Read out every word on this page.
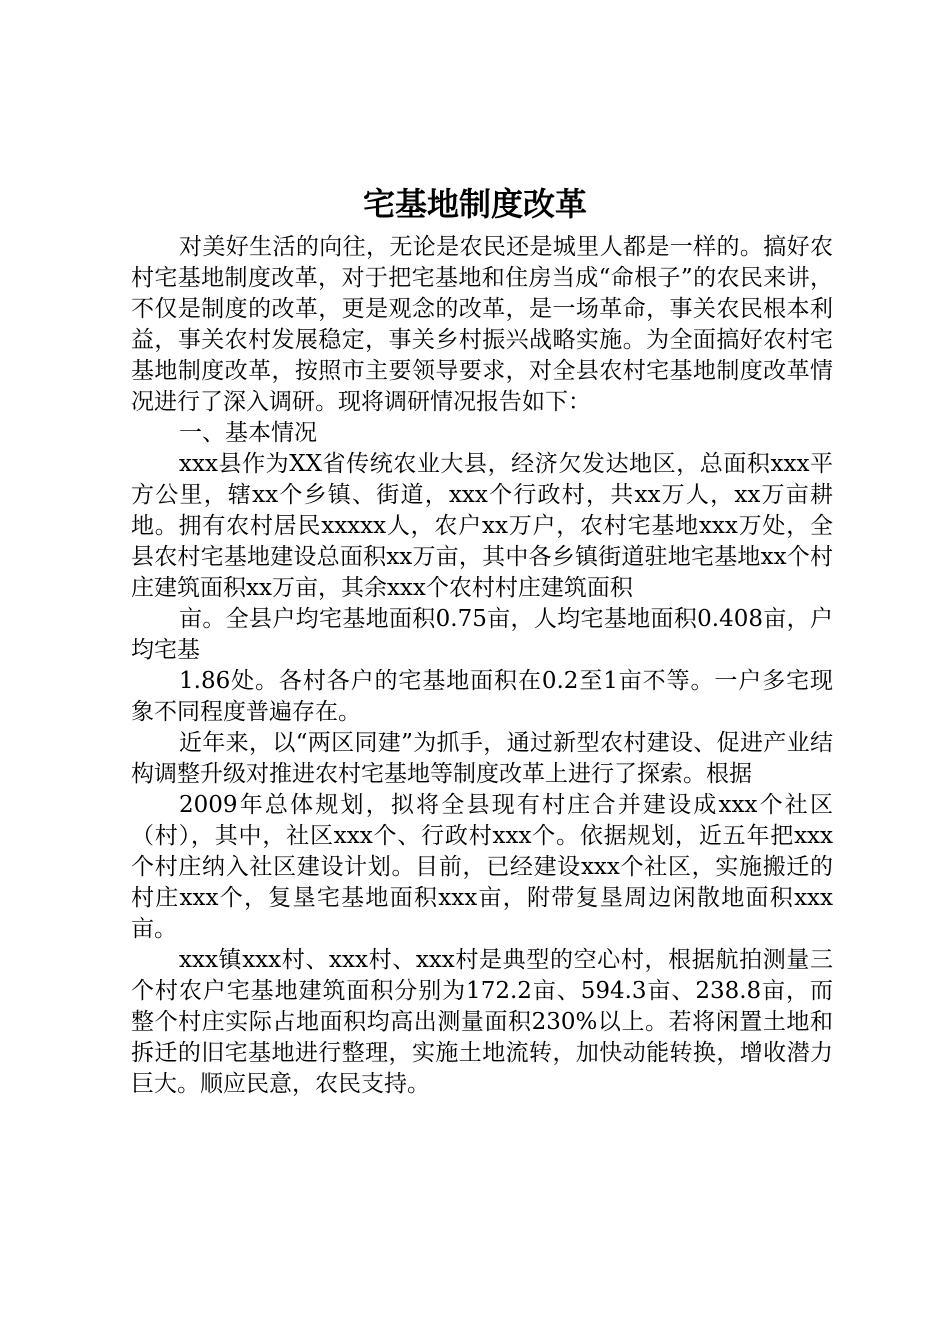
宅基地制度改革

对美好生活的向往，无论是农民还是城里人都是一样的。搞好农村宅基地制度改革，对于把宅基地和住房当成“命根子”的农民来讲，不仅是制度的改革，更是观念的改革，是一场革命，事关农民根本利益，事关农村发展稳定，事关乡村振兴战略实施。为全面搞好农村宅基地制度改革，按照市主要领导要求，对全县农村宅基地制度改革情况进行了深入调研。现将调研情况报告如下：

一、基本情况

xxx县作为XX省传统农业大县，经济欠发达地区，总面积xxx平方公里，辖xx个乡镇、街道，xxx个行政村，共xx万人，xx万亩耕地。拥有农村居民xxxxx人，农户xx万户，农村宅基地xxx万处，全县农村宅基地建设总面积xx万亩，其中各乡镇街道驻地宅基地xx个村庄建筑面积xx万亩，其余xxx个农村村庄建筑面积

亩。全县户均宅基地面积0.75亩，人均宅基地面积0.408亩，户均宅基

1.86处。各村各户的宅基地面积在0.2至1亩不等。一户多宅现象不同程度普遍存在。

近年来，以“两区同建”为抓手，通过新型农村建设、促进产业结构调整升级对推进农村宅基地等制度改革上进行了探索。根据

2009年总体规划，拟将全县现有村庄合并建设成xxx个社区（村），其中，社区xxx个、行政村xxx个。依据规划，近五年把xxx个村庄纳入社区建设计划。目前，已经建设xxx个社区，实施搬迁的村庄xxx个，复垦宅基地面积xxx亩，附带复垦周边闲散地面积xxx亩。

xxx镇xxx村、xxx村、xxx村是典型的空心村，根据航拍测量三个村农户宅基地建筑面积分别为172.2亩、594.3亩、238.8亩，而整个村庄实际占地面积均高出测量面积230%以上。若将闲置土地和拆迁的旧宅基地进行整理，实施土地流转，加快动能转换，增收潜力巨大。顺应民意，农民支持。
